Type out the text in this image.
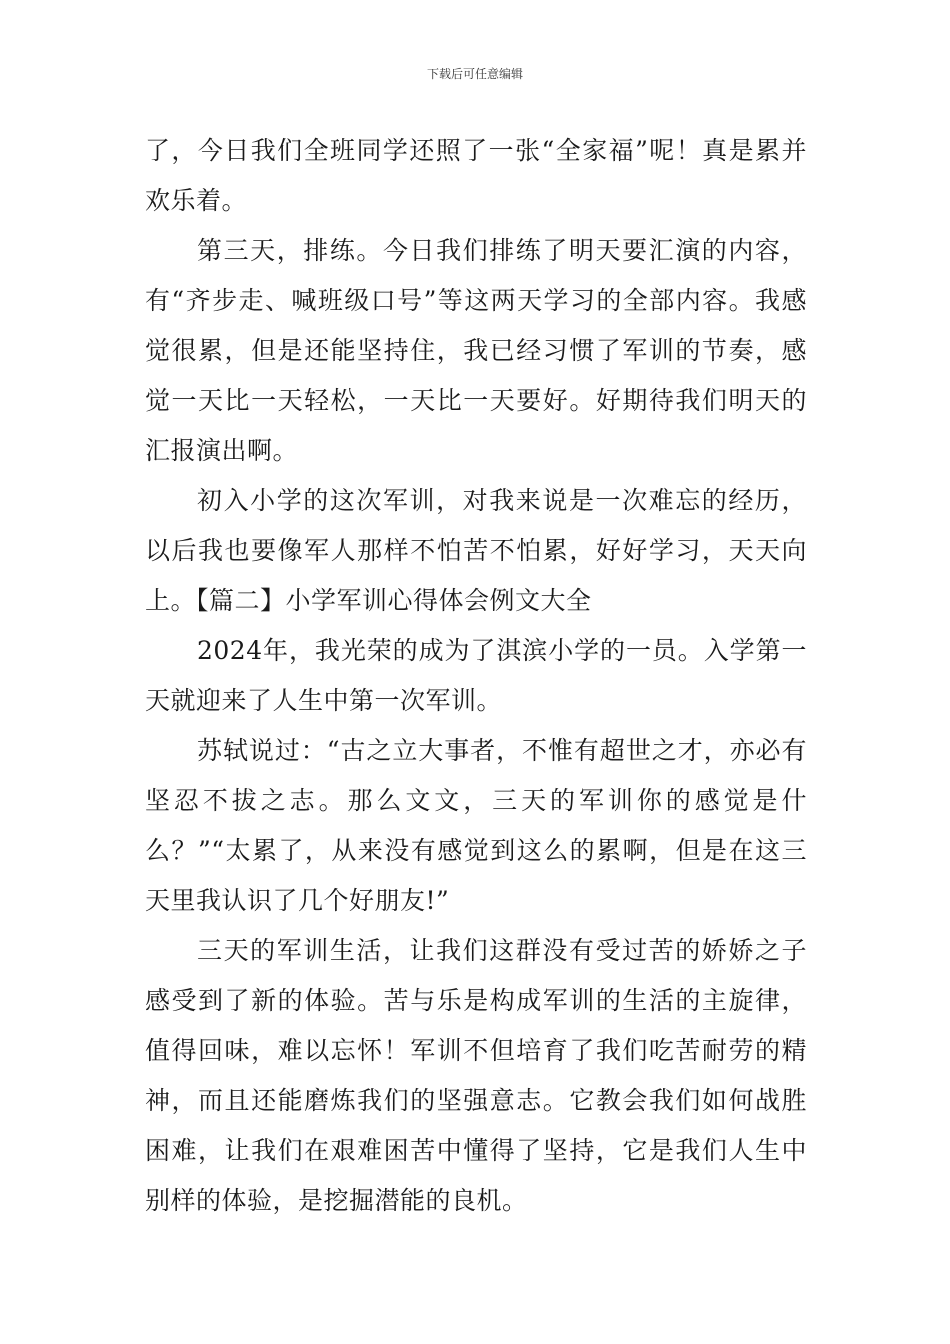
下载后可任意编辑

了，今日我们全班同学还照了一张“全家福”呢！真是累并欢乐着。

第三天，排练。今日我们排练了明天要汇演的内容，有“齐步走、喊班级口号”等这两天学习的全部内容。我感觉很累，但是还能坚持住，我已经习惯了军训的节奏，感觉一天比一天轻松，一天比一天要好。好期待我们明天的汇报演出啊。

初入小学的这次军训，对我来说是一次难忘的经历，以后我也要像军人那样不怕苦不怕累，好好学习，天天向上。【篇二】小学军训心得体会例文大全

2024年，我光荣的成为了淇滨小学的一员。入学第一天就迎来了人生中第一次军训。

苏轼说过：“古之立大事者，不惟有超世之才，亦必有坚忍不拔之志。那么文文，三天的军训你的感觉是什么？”“太累了，从来没有感觉到这么的累啊，但是在这三天里我认识了几个好朋友!”

三天的军训生活，让我们这群没有受过苦的娇娇之子感受到了新的体验。苦与乐是构成军训的生活的主旋律，值得回味，难以忘怀！军训不但培育了我们吃苦耐劳的精神，而且还能磨炼我们的坚强意志。它教会我们如何战胜困难，让我们在艰难困苦中懂得了坚持，它是我们人生中别样的体验，是挖掘潜能的良机。
